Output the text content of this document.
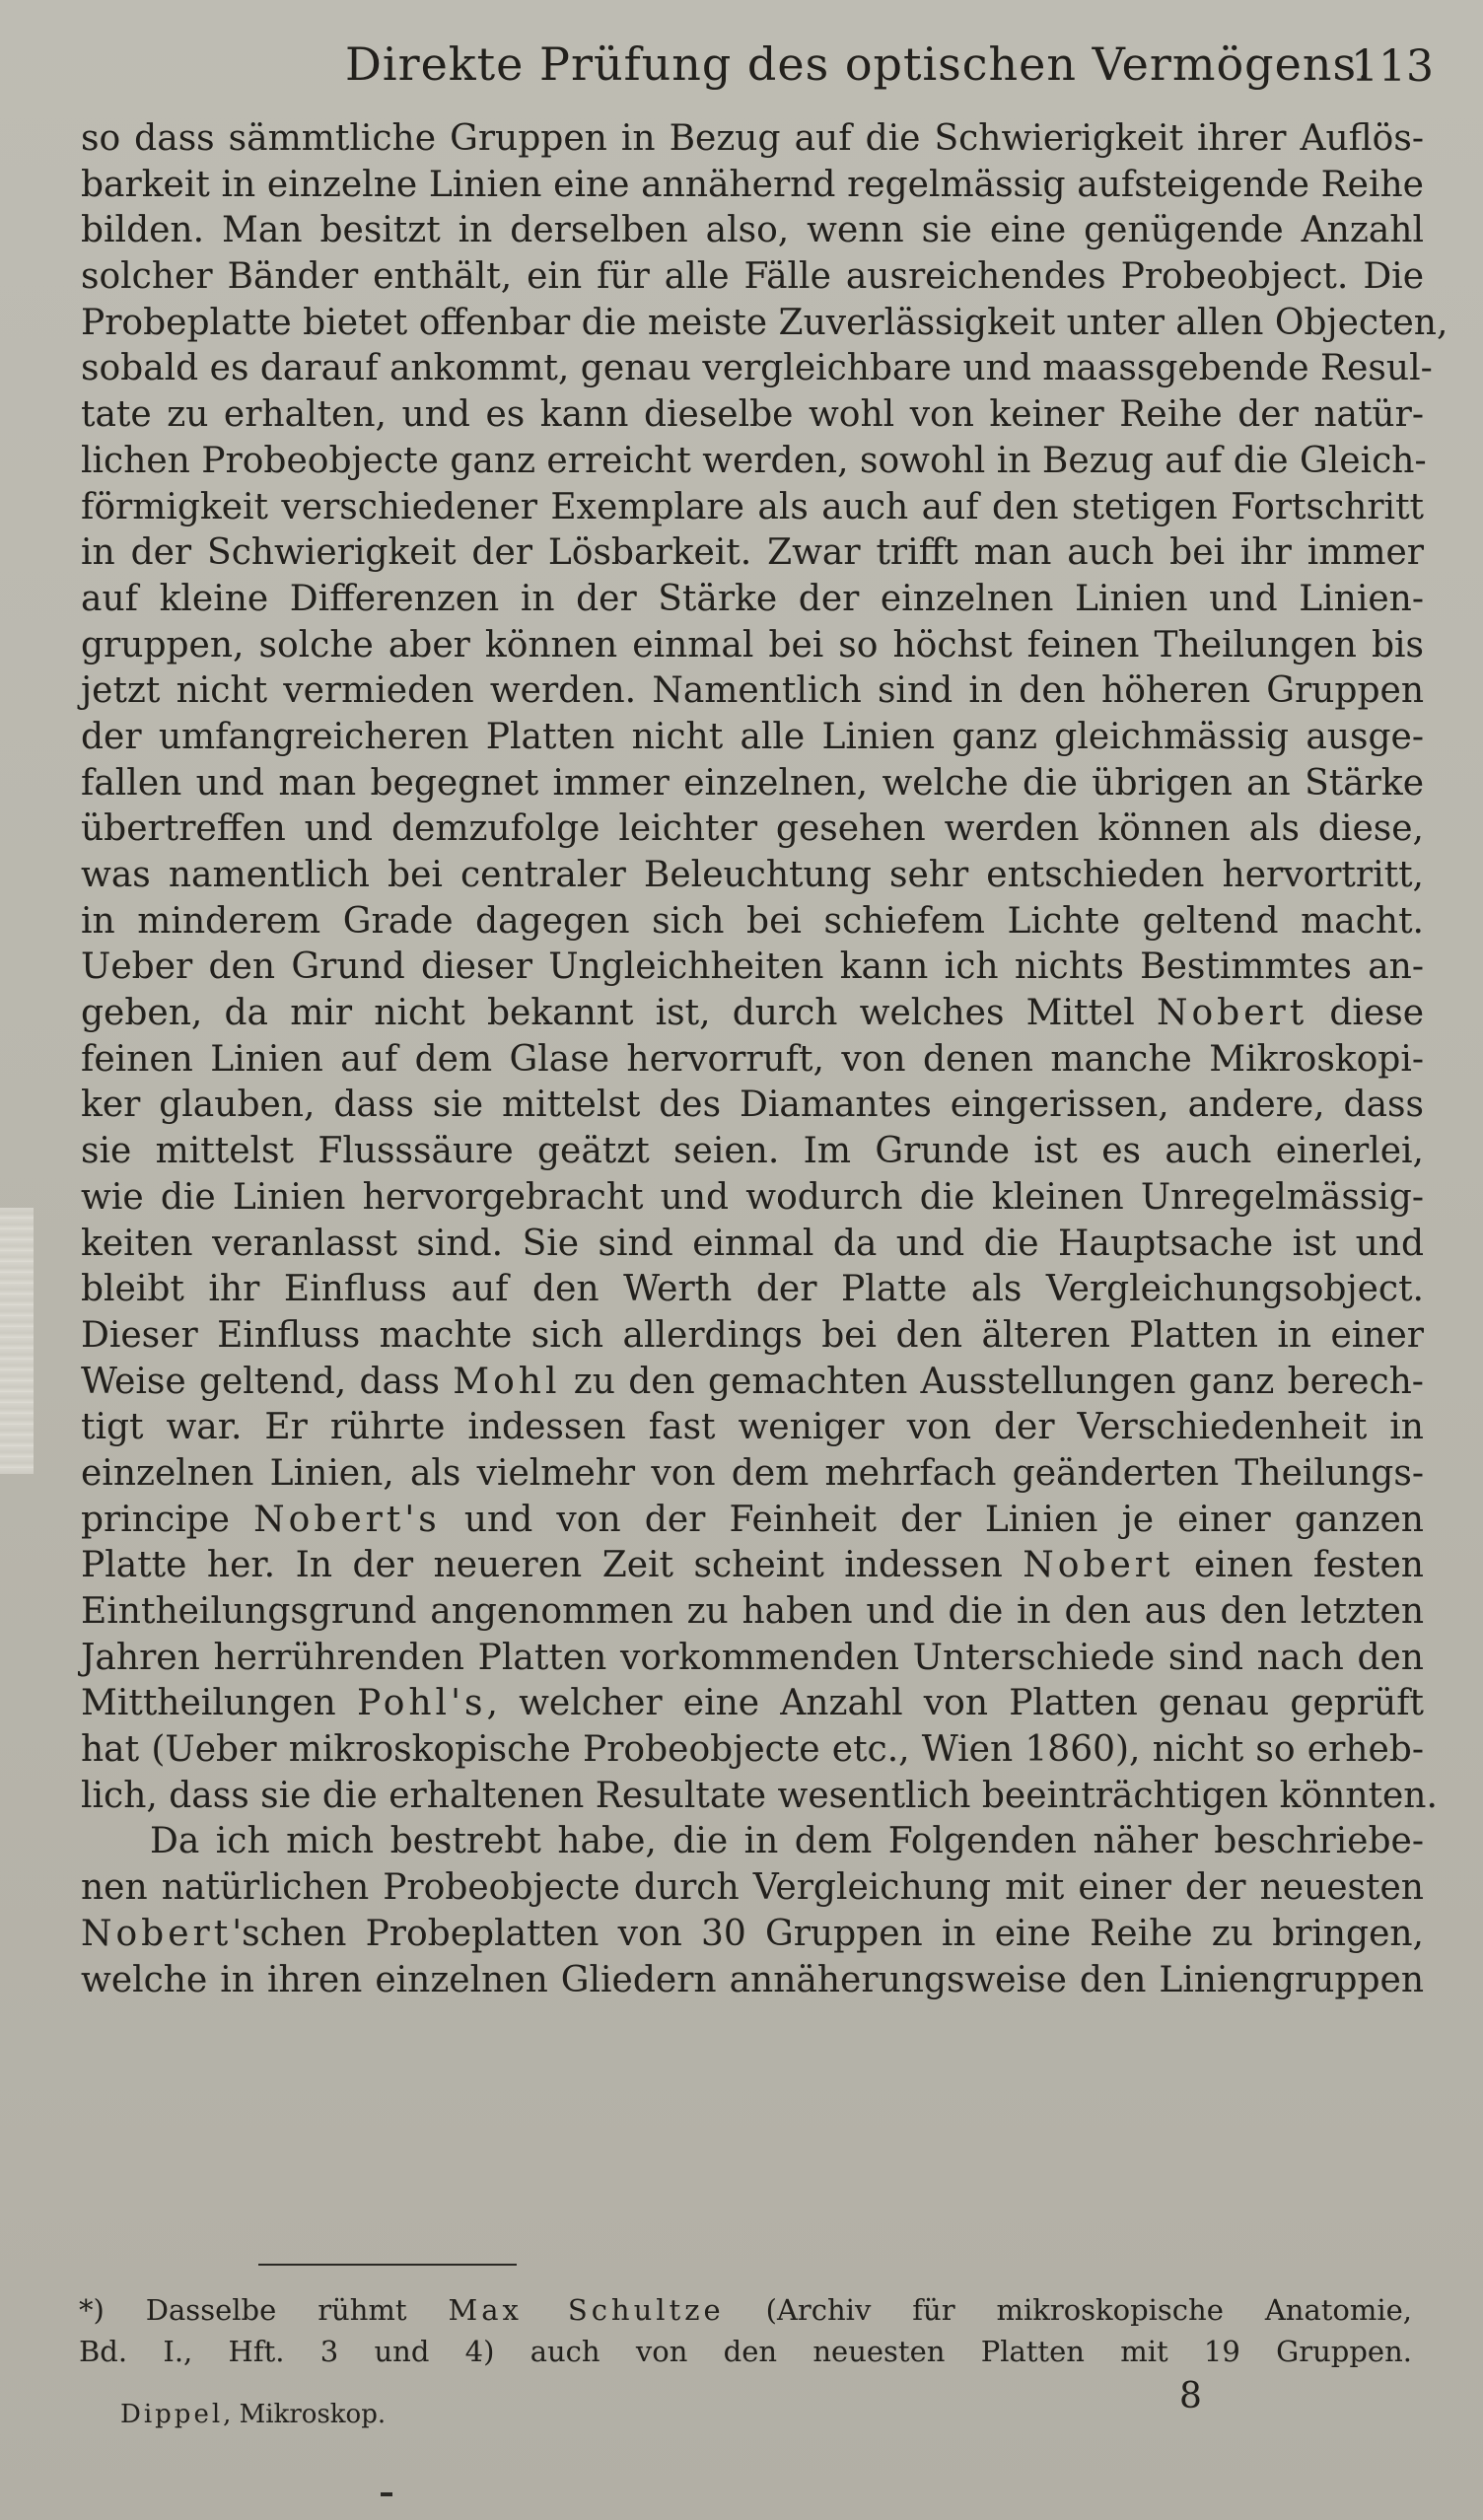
Direkte Prüfung des optischen Vermögens.
113
so dass sämmtliche Gruppen in Bezug auf die Schwierigkeit ihrer Auflös-
barkeit in einzelne Linien eine annähernd regelmässig aufsteigende Reihe
bilden. Man besitzt in derselben also, wenn sie eine genügende Anzahl
solcher Bänder enthält, ein für alle Fälle ausreichendes Probeobject. Die
Probeplatte bietet offenbar die meiste Zuverlässigkeit unter allen Objecten,
sobald es darauf ankommt, genau vergleichbare und maassgebende Resul-
tate zu erhalten, und es kann dieselbe wohl von keiner Reihe der natür-
lichen Probeobjecte ganz erreicht werden, sowohl in Bezug auf die Gleich-
förmigkeit verschiedener Exemplare als auch auf den stetigen Fortschritt
in der Schwierigkeit der Lösbarkeit. Zwar trifft man auch bei ihr immer
auf kleine Differenzen in der Stärke der einzelnen Linien und Linien-
gruppen, solche aber können einmal bei so höchst feinen Theilungen bis
jetzt nicht vermieden werden. Namentlich sind in den höheren Gruppen
der umfangreicheren Platten nicht alle Linien ganz gleichmässig ausge-
fallen und man begegnet immer einzelnen, welche die übrigen an Stärke
übertreffen und demzufolge leichter gesehen werden können als diese,
was namentlich bei centraler Beleuchtung sehr entschieden hervortritt,
in minderem Grade dagegen sich bei schiefem Lichte geltend macht.
Ueber den Grund dieser Ungleichheiten kann ich nichts Bestimmtes an-
geben, da mir nicht bekannt ist, durch welches Mittel Nobert diese
feinen Linien auf dem Glase hervorruft, von denen manche Mikroskopi-
ker glauben, dass sie mittelst des Diamantes eingerissen, andere, dass
sie mittelst Flusssäure geätzt seien. Im Grunde ist es auch einerlei,
wie die Linien hervorgebracht und wodurch die kleinen Unregelmässig-
keiten veranlasst sind. Sie sind einmal da und die Hauptsache ist und
bleibt ihr Einfluss auf den Werth der Platte als Vergleichungsobject.
Dieser Einfluss machte sich allerdings bei den älteren Platten in einer
Weise geltend, dass Mohl zu den gemachten Ausstellungen ganz berech-
tigt war. Er rührte indessen fast weniger von der Verschiedenheit in
einzelnen Linien, als vielmehr von dem mehrfach geänderten Theilungs-
principe Nobert's und von der Feinheit der Linien je einer ganzen
Platte her. In der neueren Zeit scheint indessen Nobert einen festen
Eintheilungsgrund angenommen zu haben und die in den aus den letzten
Jahren herrührenden Platten vorkommenden Unterschiede sind nach den
Mittheilungen Pohl's, welcher eine Anzahl von Platten genau geprüft
hat (Ueber mikroskopische Probeobjecte etc., Wien 1860), nicht so erheb-
lich, dass sie die erhaltenen Resultate wesentlich beeinträchtigen könnten.
Da ich mich bestrebt habe, die in dem Folgenden näher beschriebe-
nen natürlichen Probeobjecte durch Vergleichung mit einer der neuesten
Nobert'schen Probeplatten von 30 Gruppen in eine Reihe zu bringen,
welche in ihren einzelnen Gliedern annäherungsweise den Liniengruppen
*) Dasselbe rühmt Max Schultze (Archiv für mikroskopische Anatomie,
Bd. I., Hft. 3 und 4) auch von den neuesten Platten mit 19 Gruppen.
Dippel, Mikroskop.	8
